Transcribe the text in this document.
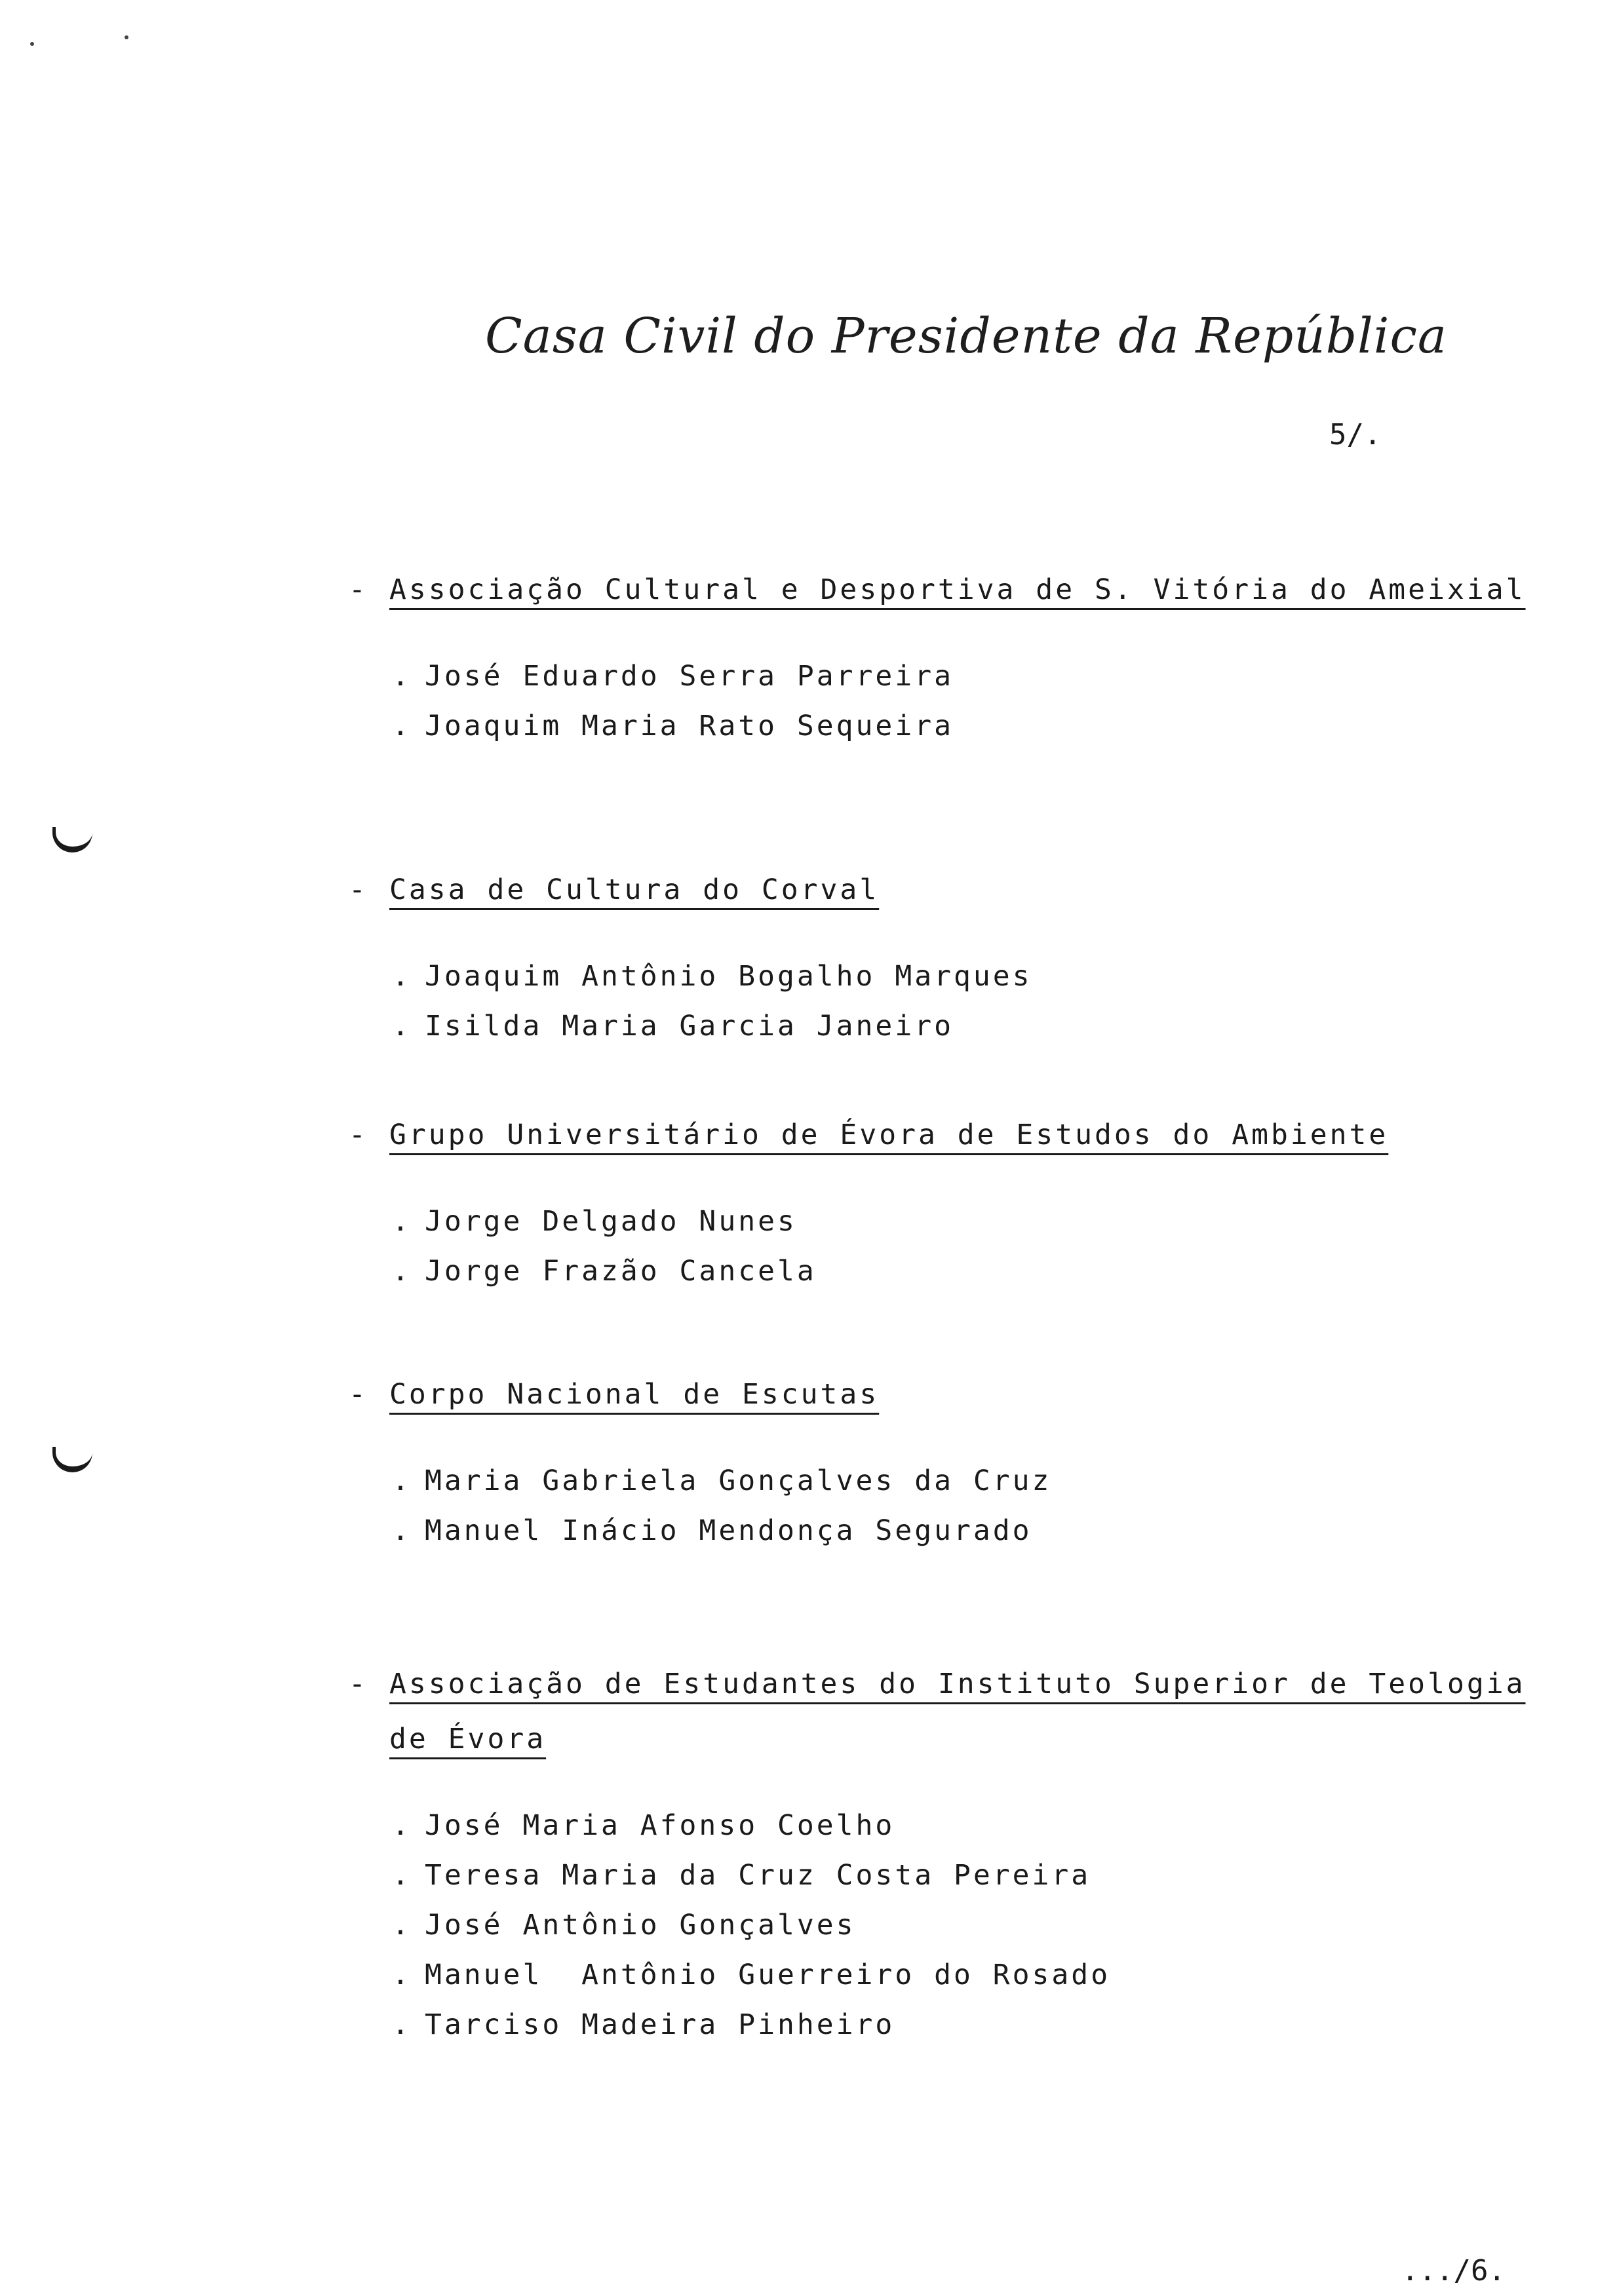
Casa Civil do Presidente da República
5/.
- Associação Cultural e Desportiva de S. Vitória do Ameixial
. José Eduardo Serra Parreira
. Joaquim Maria Rato Sequeira
- Casa de Cultura do Corval
. Joaquim Antônio Bogalho Marques
. Isilda Maria Garcia Janeiro
- Grupo Universitário de Évora de Estudos do Ambiente
. Jorge Delgado Nunes
. Jorge Frazão Cancela
- Corpo Nacional de Escutas
. Maria Gabriela Gonçalves da Cruz
. Manuel Inácio Mendonça Segurado
- Associação de Estudantes do Instituto Superior de Teologia de Évora
. José Maria Afonso Coelho
. Teresa Maria da Cruz Costa Pereira
. José Antônio Gonçalves
. Manuel  Antônio Guerreiro do Rosado
. Tarciso Madeira Pinheiro
.../6.
